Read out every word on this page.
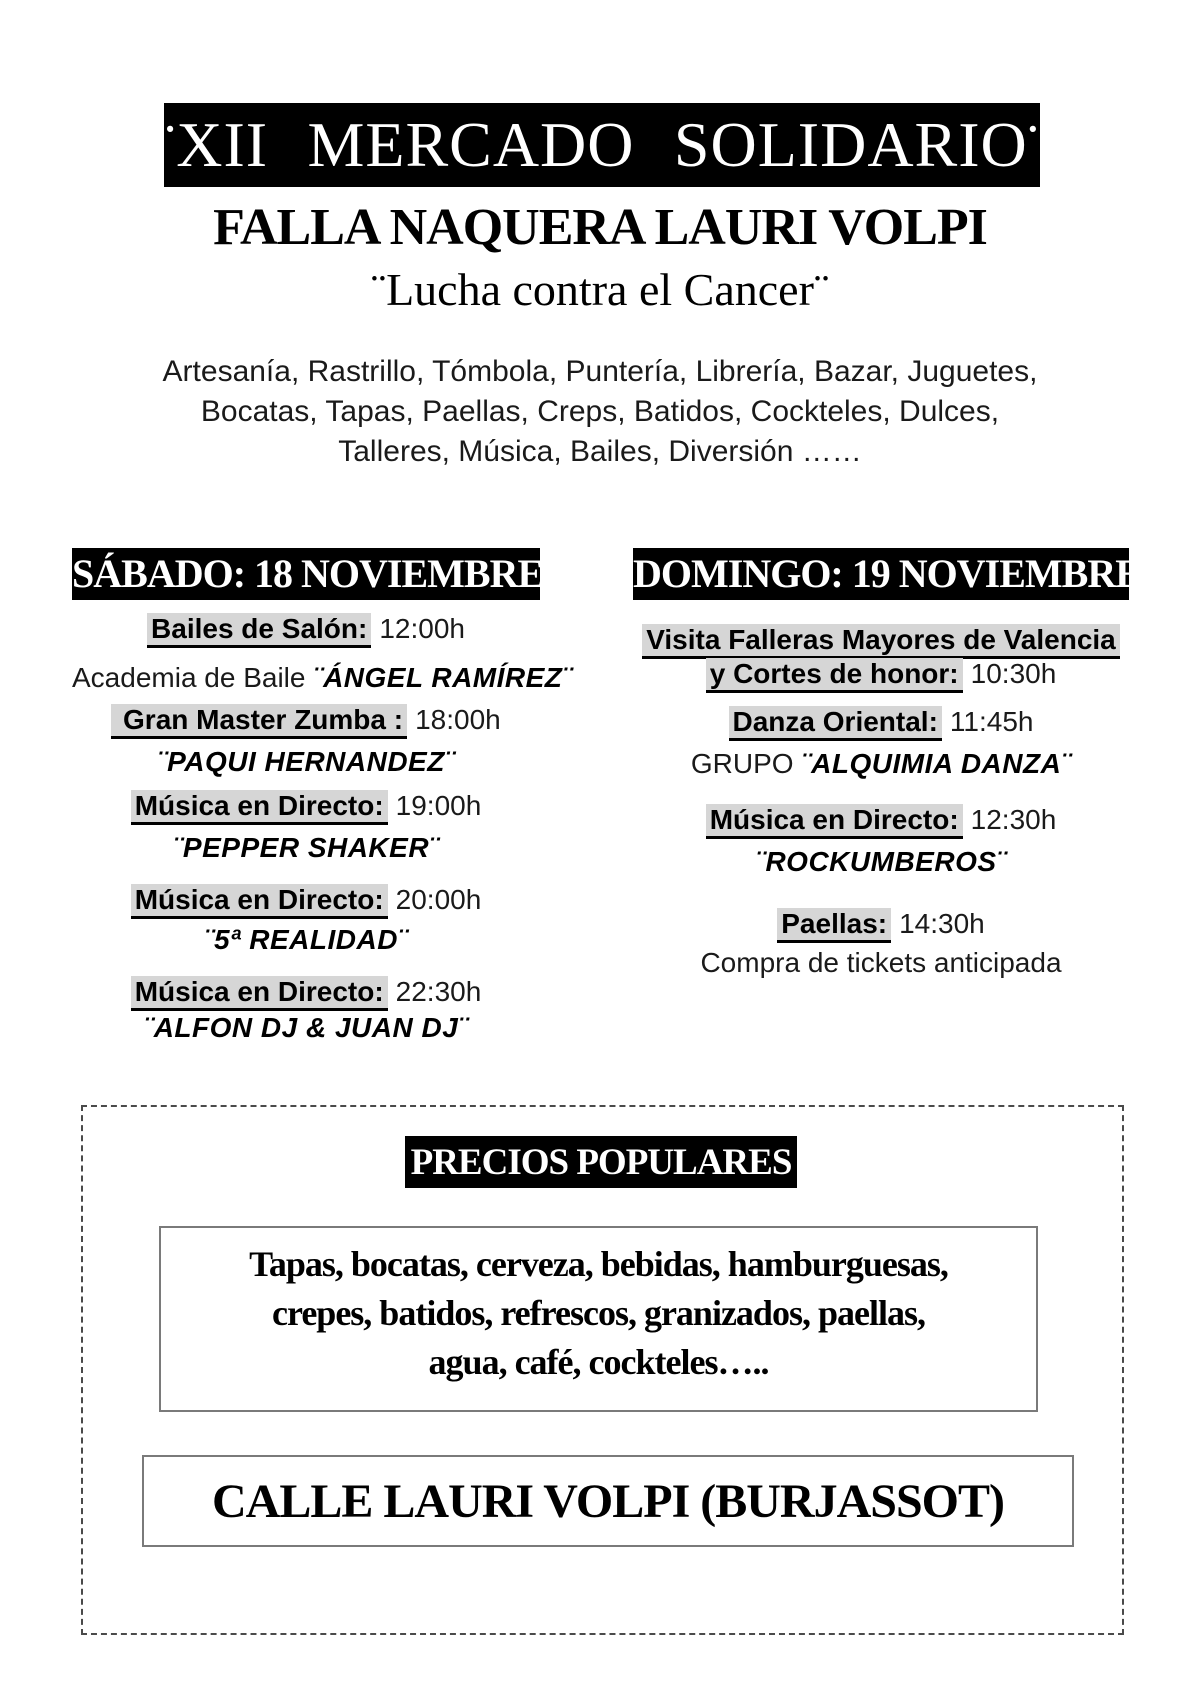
¨XII MERCADO SOLIDARIO¨
FALLA NAQUERA LAURI VOLPI
¨Lucha contra el Cancer¨
Artesanía, Rastrillo, Tómbola, Puntería, Librería, Bazar, Juguetes,
Bocatas, Tapas, Paellas, Creps, Batidos, Cockteles, Dulces,
Talleres, Música, Bailes, Diversión ……
SÁBADO: 18 NOVIEMBRE
Bailes de Salón: 12:00h
Academia de Baile ¨ÁNGEL RAMÍREZ¨
Gran Master Zumba : 18:00h
¨PAQUI HERNANDEZ¨
Música en Directo: 19:00h
¨PEPPER SHAKER¨
Música en Directo: 20:00h
¨5ª REALIDAD¨
Música en Directo: 22:30h
¨ALFON DJ & JUAN DJ¨
DOMINGO: 19 NOVIEMBRE
Visita Falleras Mayores de Valencia
y Cortes de honor: 10:30h
Danza Oriental: 11:45h
GRUPO ¨ALQUIMIA DANZA¨
Música en Directo: 12:30h
¨ROCKUMBEROS¨
Paellas: 14:30h
Compra de tickets anticipada
PRECIOS POPULARES
Tapas, bocatas, cerveza, bebidas, hamburguesas,
crepes, batidos, refrescos, granizados, paellas,
agua, café, cockteles…..
CALLE LAURI VOLPI (BURJASSOT)
